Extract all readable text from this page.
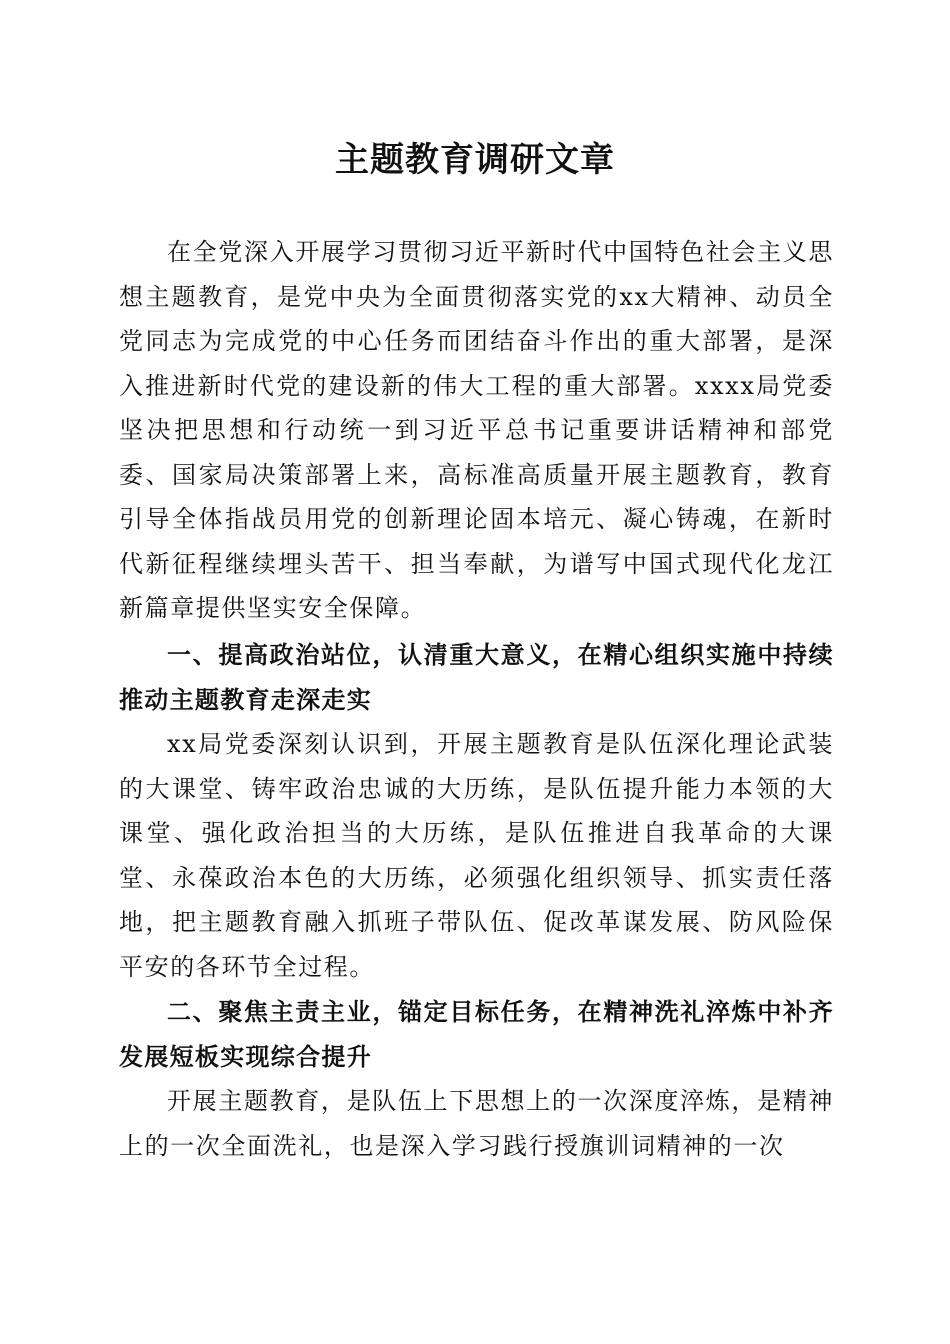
主题教育调研文章

在全党深入开展学习贯彻习近平新时代中国特色社会主义思想主题教育，是党中央为全面贯彻落实党的xx大精神、动员全党同志为完成党的中心任务而团结奋斗作出的重大部署，是深入推进新时代党的建设新的伟大工程的重大部署。xxxx局党委坚决把思想和行动统一到习近平总书记重要讲话精神和部党委、国家局决策部署上来，高标准高质量开展主题教育，教育引导全体指战员用党的创新理论固本培元、凝心铸魂，在新时代新征程继续埋头苦干、担当奉献，为谱写中国式现代化龙江新篇章提供坚实安全保障。

一、提高政治站位，认清重大意义，在精心组织实施中持续推动主题教育走深走实

xx局党委深刻认识到，开展主题教育是队伍深化理论武装的大课堂、铸牢政治忠诚的大历练，是队伍提升能力本领的大课堂、强化政治担当的大历练，是队伍推进自我革命的大课堂、永葆政治本色的大历练，必须强化组织领导、抓实责任落地，把主题教育融入抓班子带队伍、促改革谋发展、防风险保平安的各环节全过程。

二、聚焦主责主业，锚定目标任务，在精神洗礼淬炼中补齐发展短板实现综合提升

开展主题教育，是队伍上下思想上的一次深度淬炼，是精神上的一次全面洗礼，也是深入学习践行授旗训词精神的一次
